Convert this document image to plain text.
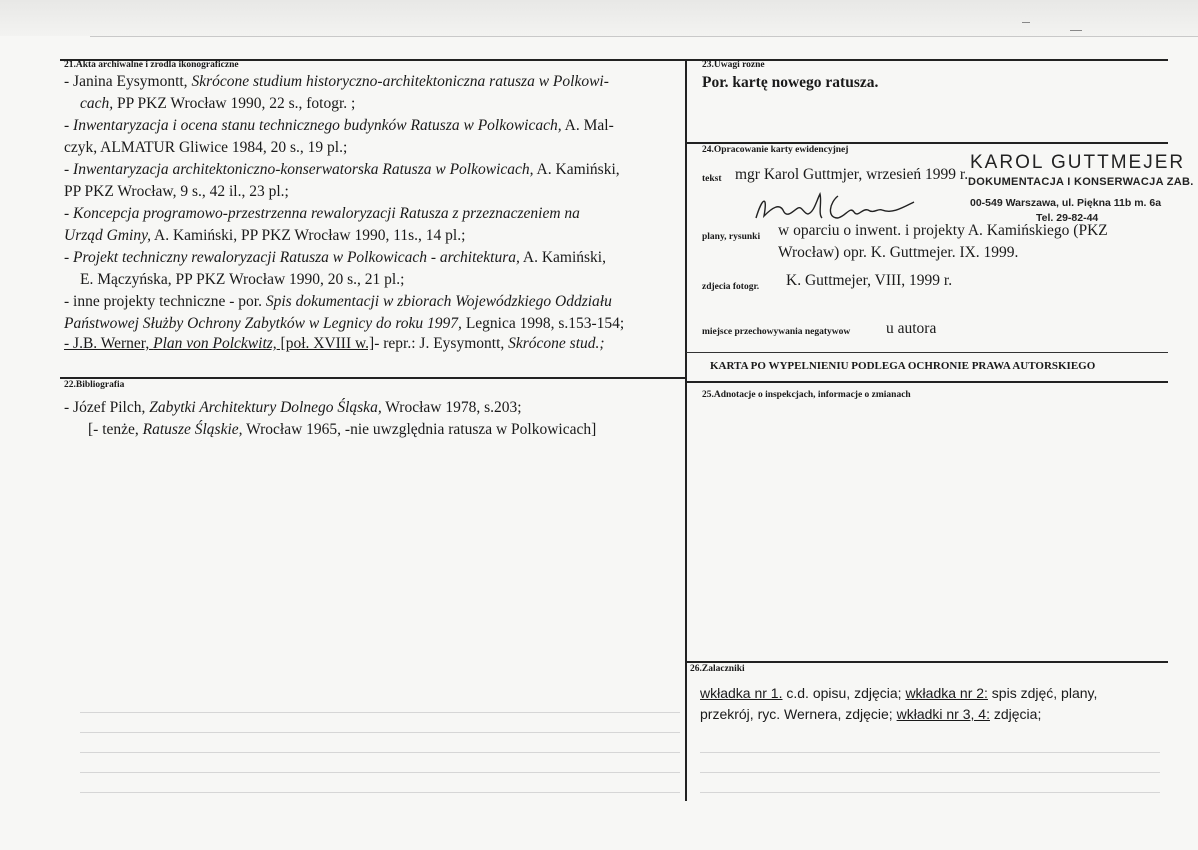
21.Akta archiwalne i zrodla ikonograficzne
- Janina Eysymontt, Skrócone studium historyczno-architektoniczna ratusza w Polkowi-
cach, PP PKZ Wrocław 1990, 22 s., fotogr. ;
- Inwentaryzacja i ocena stanu technicznego budynków Ratusza w Polkowicach, A. Mal-
czyk, ALMATUR Gliwice 1984, 20 s., 19 pl.;
- Inwentaryzacja architektoniczno-konserwatorska Ratusza w Polkowicach, A. Kamiński,
PP PKZ Wrocław, 9 s., 42 il., 23 pl.;
- Koncepcja programowo-przestrzenna rewaloryzacji Ratusza z przeznaczeniem na
Urząd Gminy, A. Kamiński, PP PKZ Wrocław 1990, 11s., 14 pl.;
- Projekt techniczny rewaloryzacji Ratusza w Polkowicach - architektura, A. Kamiński,
E. Mączyńska, PP PKZ Wrocław 1990, 20 s., 21 pl.;
- inne projekty techniczne - por. Spis dokumentacji w zbiorach Wojewódzkiego Oddziału
Państwowej Służby Ochrony Zabytków w Legnicy do roku 1997, Legnica 1998, s.153-154;
- J.B. Werner, Plan von Polckwitz, [poł. XVIII w.]- repr.: J. Eysymontt, Skrócone stud.;
22.Bibliografia
- Józef Pilch, Zabytki Architektury Dolnego Śląska, Wrocław 1978, s.203;
[- tenże, Ratusze Śląskie, Wrocław 1965, -nie uwzględnia ratusza w Polkowicach]
23.Uwagi rozne
Por. kartę nowego ratusza.
24.Opracowanie karty ewidencyjnej
tekst mgr Karol Guttmjer, wrzesień 1999 r.
KAROL GUTTMEJER
DOKUMENTACJA I KONSERWACJA ZAB.
00-549 Warszawa, ul. Piękna 11b m. 6a
Tel. 29-82-44
plany, rysunki w oparciu o inwent. i projekty A. Kamińskiego (PKZ
Wrocław) opr. K. Guttmejer. IX. 1999.
zdjecia fotogr. K. Guttmejer, VIII, 1999 r.
miejsce przechowywania negatywow u autora
KARTA PO WYPELNIENIU PODLEGA OCHRONIE PRAWA AUTORSKIEGO
25.Adnotacje o inspekcjach, informacje o zmianach
26.Zalaczniki
wkładka nr 1. c.d. opisu, zdjęcia; wkładka nr 2: spis zdjęć, plany,
przekrój, ryc. Wernera, zdjęcie; wkładki nr 3, 4: zdjęcia;
